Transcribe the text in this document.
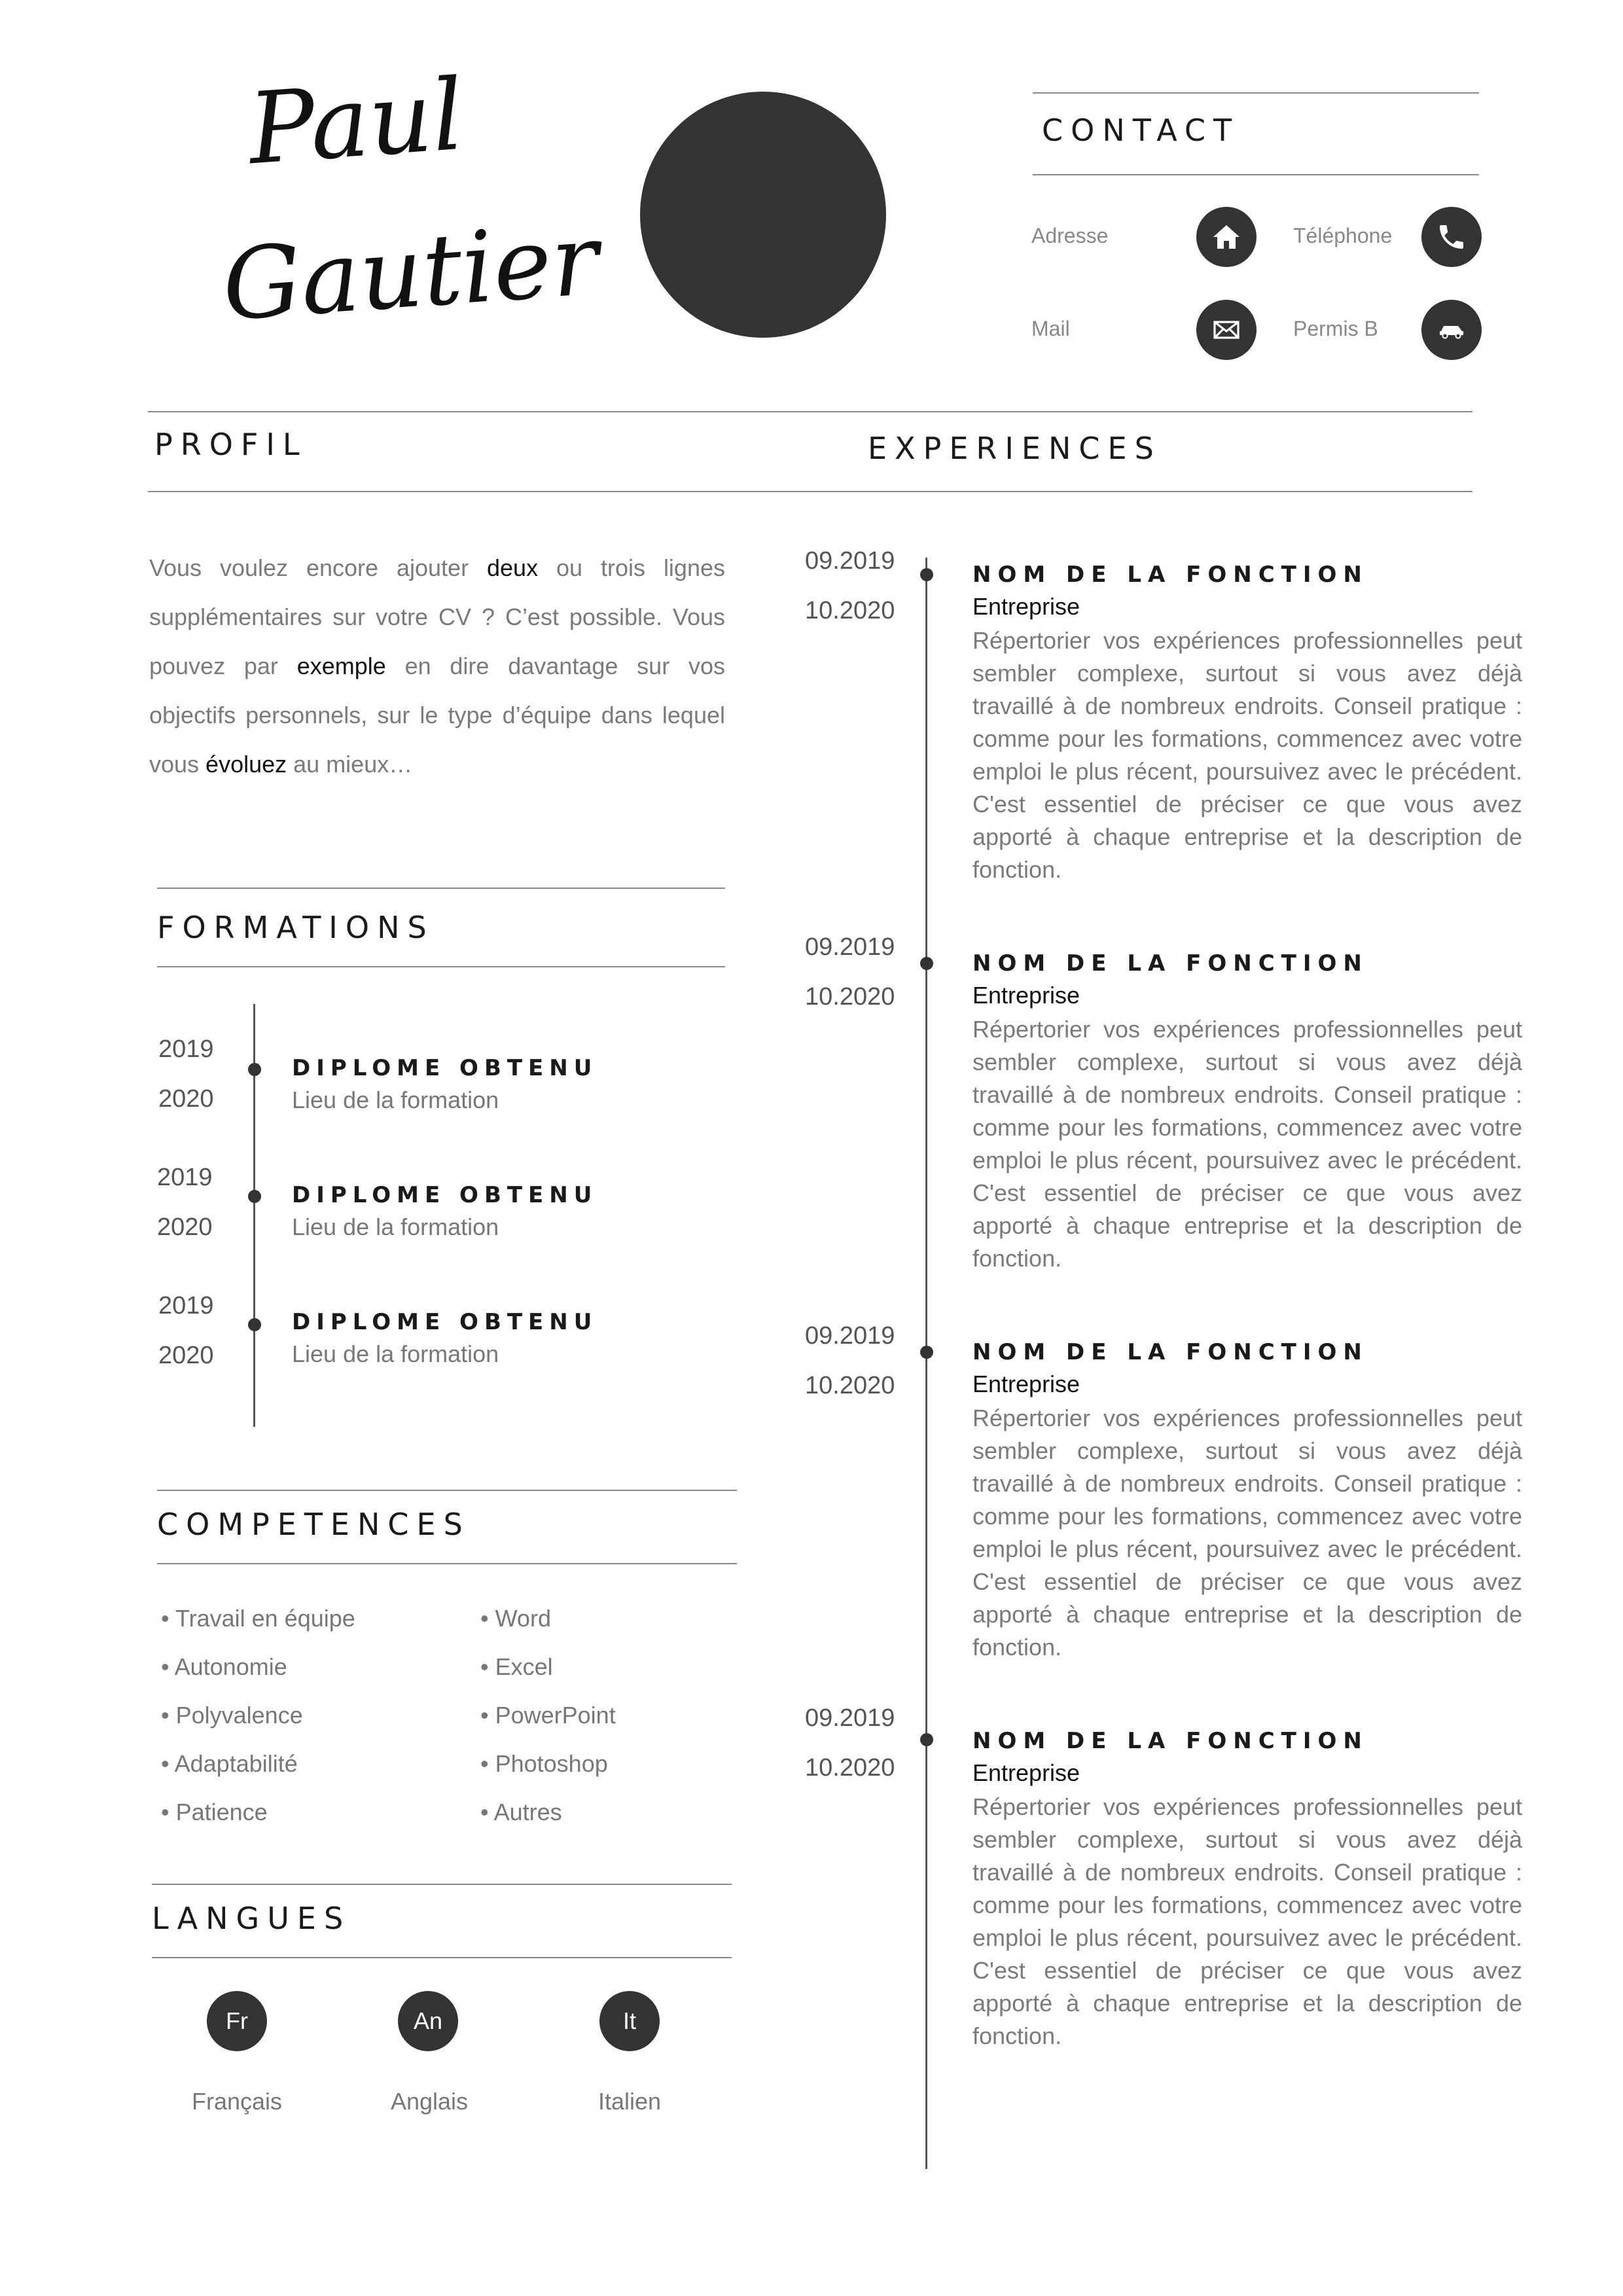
Paul
Gautier
CONTACT
Adresse	Téléphone
Mail	Permis B
PROFIL	EXPERIENCES
Vous voulez encore ajouter deux ou trois lignes supplémentaires sur votre CV ? C’est possible. Vous pouvez par exemple en dire davantage sur vos objectifs personnels, sur le type d’équipe dans lequel vous évoluez au mieux…
FORMATIONS
2019
2020
DIPLOME OBTENU
Lieu de la formation
2019
2020
DIPLOME OBTENU
Lieu de la formation
2019
2020
DIPLOME OBTENU
Lieu de la formation
COMPETENCES
• Travail en équipe
• Autonomie
• Polyvalence
• Adaptabilité
• Patience
• Word
• Excel
• PowerPoint
• Photoshop
• Autres
LANGUES
Fr
Français
An
Anglais
It
Italien
09.2019
10.2020
NOM DE LA FONCTION
Entreprise
Répertorier vos expériences professionnelles peut sembler complexe, surtout si vous avez déjà travaillé à de nombreux endroits. Conseil pratique : comme pour les formations, commencez avec votre emploi le plus récent, poursuivez avec le précédent. C'est essentiel de préciser ce que vous avez apporté à chaque entreprise et la description de fonction.
09.2019
10.2020
NOM DE LA FONCTION
Entreprise
Répertorier vos expériences professionnelles peut sembler complexe, surtout si vous avez déjà travaillé à de nombreux endroits. Conseil pratique : comme pour les formations, commencez avec votre emploi le plus récent, poursuivez avec le précédent. C'est essentiel de préciser ce que vous avez apporté à chaque entreprise et la description de fonction.
09.2019
10.2020
NOM DE LA FONCTION
Entreprise
Répertorier vos expériences professionnelles peut sembler complexe, surtout si vous avez déjà travaillé à de nombreux endroits. Conseil pratique : comme pour les formations, commencez avec votre emploi le plus récent, poursuivez avec le précédent. C'est essentiel de préciser ce que vous avez apporté à chaque entreprise et la description de fonction.
09.2019
10.2020
NOM DE LA FONCTION
Entreprise
Répertorier vos expériences professionnelles peut sembler complexe, surtout si vous avez déjà travaillé à de nombreux endroits. Conseil pratique : comme pour les formations, commencez avec votre emploi le plus récent, poursuivez avec le précédent. C'est essentiel de préciser ce que vous avez apporté à chaque entreprise et la description de fonction.
